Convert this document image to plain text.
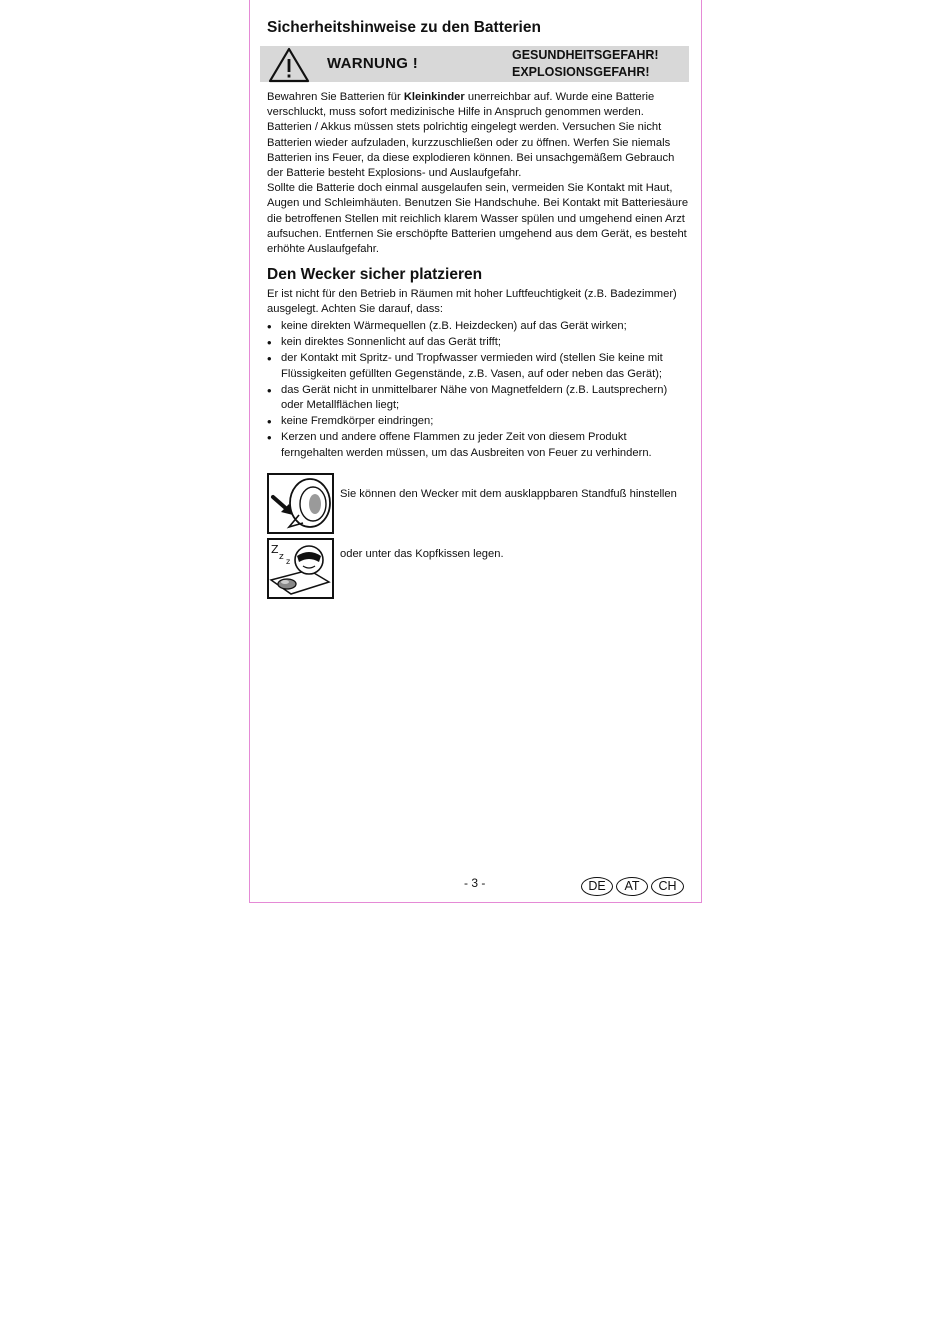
Sicherheitshinweise zu den Batterien
WARNUNG !	GESUNDHEITSGEFAHR!
EXPLOSIONSGEFAHR!
Bewahren Sie Batterien für Kleinkinder unerreichbar auf. Wurde eine Batterie verschluckt, muss sofort medizinische Hilfe in Anspruch genommen werden. Batterien / Akkus müssen stets polrichtig eingelegt werden. Versuchen Sie nicht Batterien wieder aufzuladen, kurzzuschließen oder zu öffnen. Werfen Sie niemals Batterien ins Feuer, da diese explodieren können. Bei unsachgemäßem Gebrauch der Batterie besteht Explosions- und Auslaufgefahr.
Sollte die Batterie doch einmal ausgelaufen sein, vermeiden Sie Kontakt mit Haut, Augen und Schleimhäuten. Benutzen Sie Handschuhe. Bei Kontakt mit Batteriesäure die betroffenen Stellen mit reichlich klarem Wasser spülen und umgehend einen Arzt aufsuchen. Entfernen Sie erschöpfte Batterien umgehend aus dem Gerät, es besteht erhöhte Auslaufgefahr.
Den Wecker sicher platzieren
Er ist nicht für den Betrieb in Räumen mit hoher Luftfeuchtigkeit (z.B. Badezimmer) ausgelegt. Achten Sie darauf, dass:
• keine direkten Wärmequellen (z.B. Heizdecken) auf das Gerät wirken;
• kein direktes Sonnenlicht auf das Gerät trifft;
• der Kontakt mit Spritz- und Tropfwasser vermieden wird (stellen Sie keine mit Flüssigkeiten gefüllten Gegenstände, z.B. Vasen, auf oder neben das Gerät);
• das Gerät nicht in unmittelbarer Nähe von Magnetfeldern (z.B. Lautsprechern) oder Metallflächen liegt;
• keine Fremdkörper eindringen;
• Kerzen und andere offene Flammen zu jeder Zeit von diesem Produkt ferngehalten werden müssen, um das Ausbreiten von Feuer zu verhindern.
Sie können den Wecker mit dem ausklappbaren Standfuß hinstellen
Z
z z
oder unter das Kopfkissen legen.
- 3 -	DE	AT	CH
